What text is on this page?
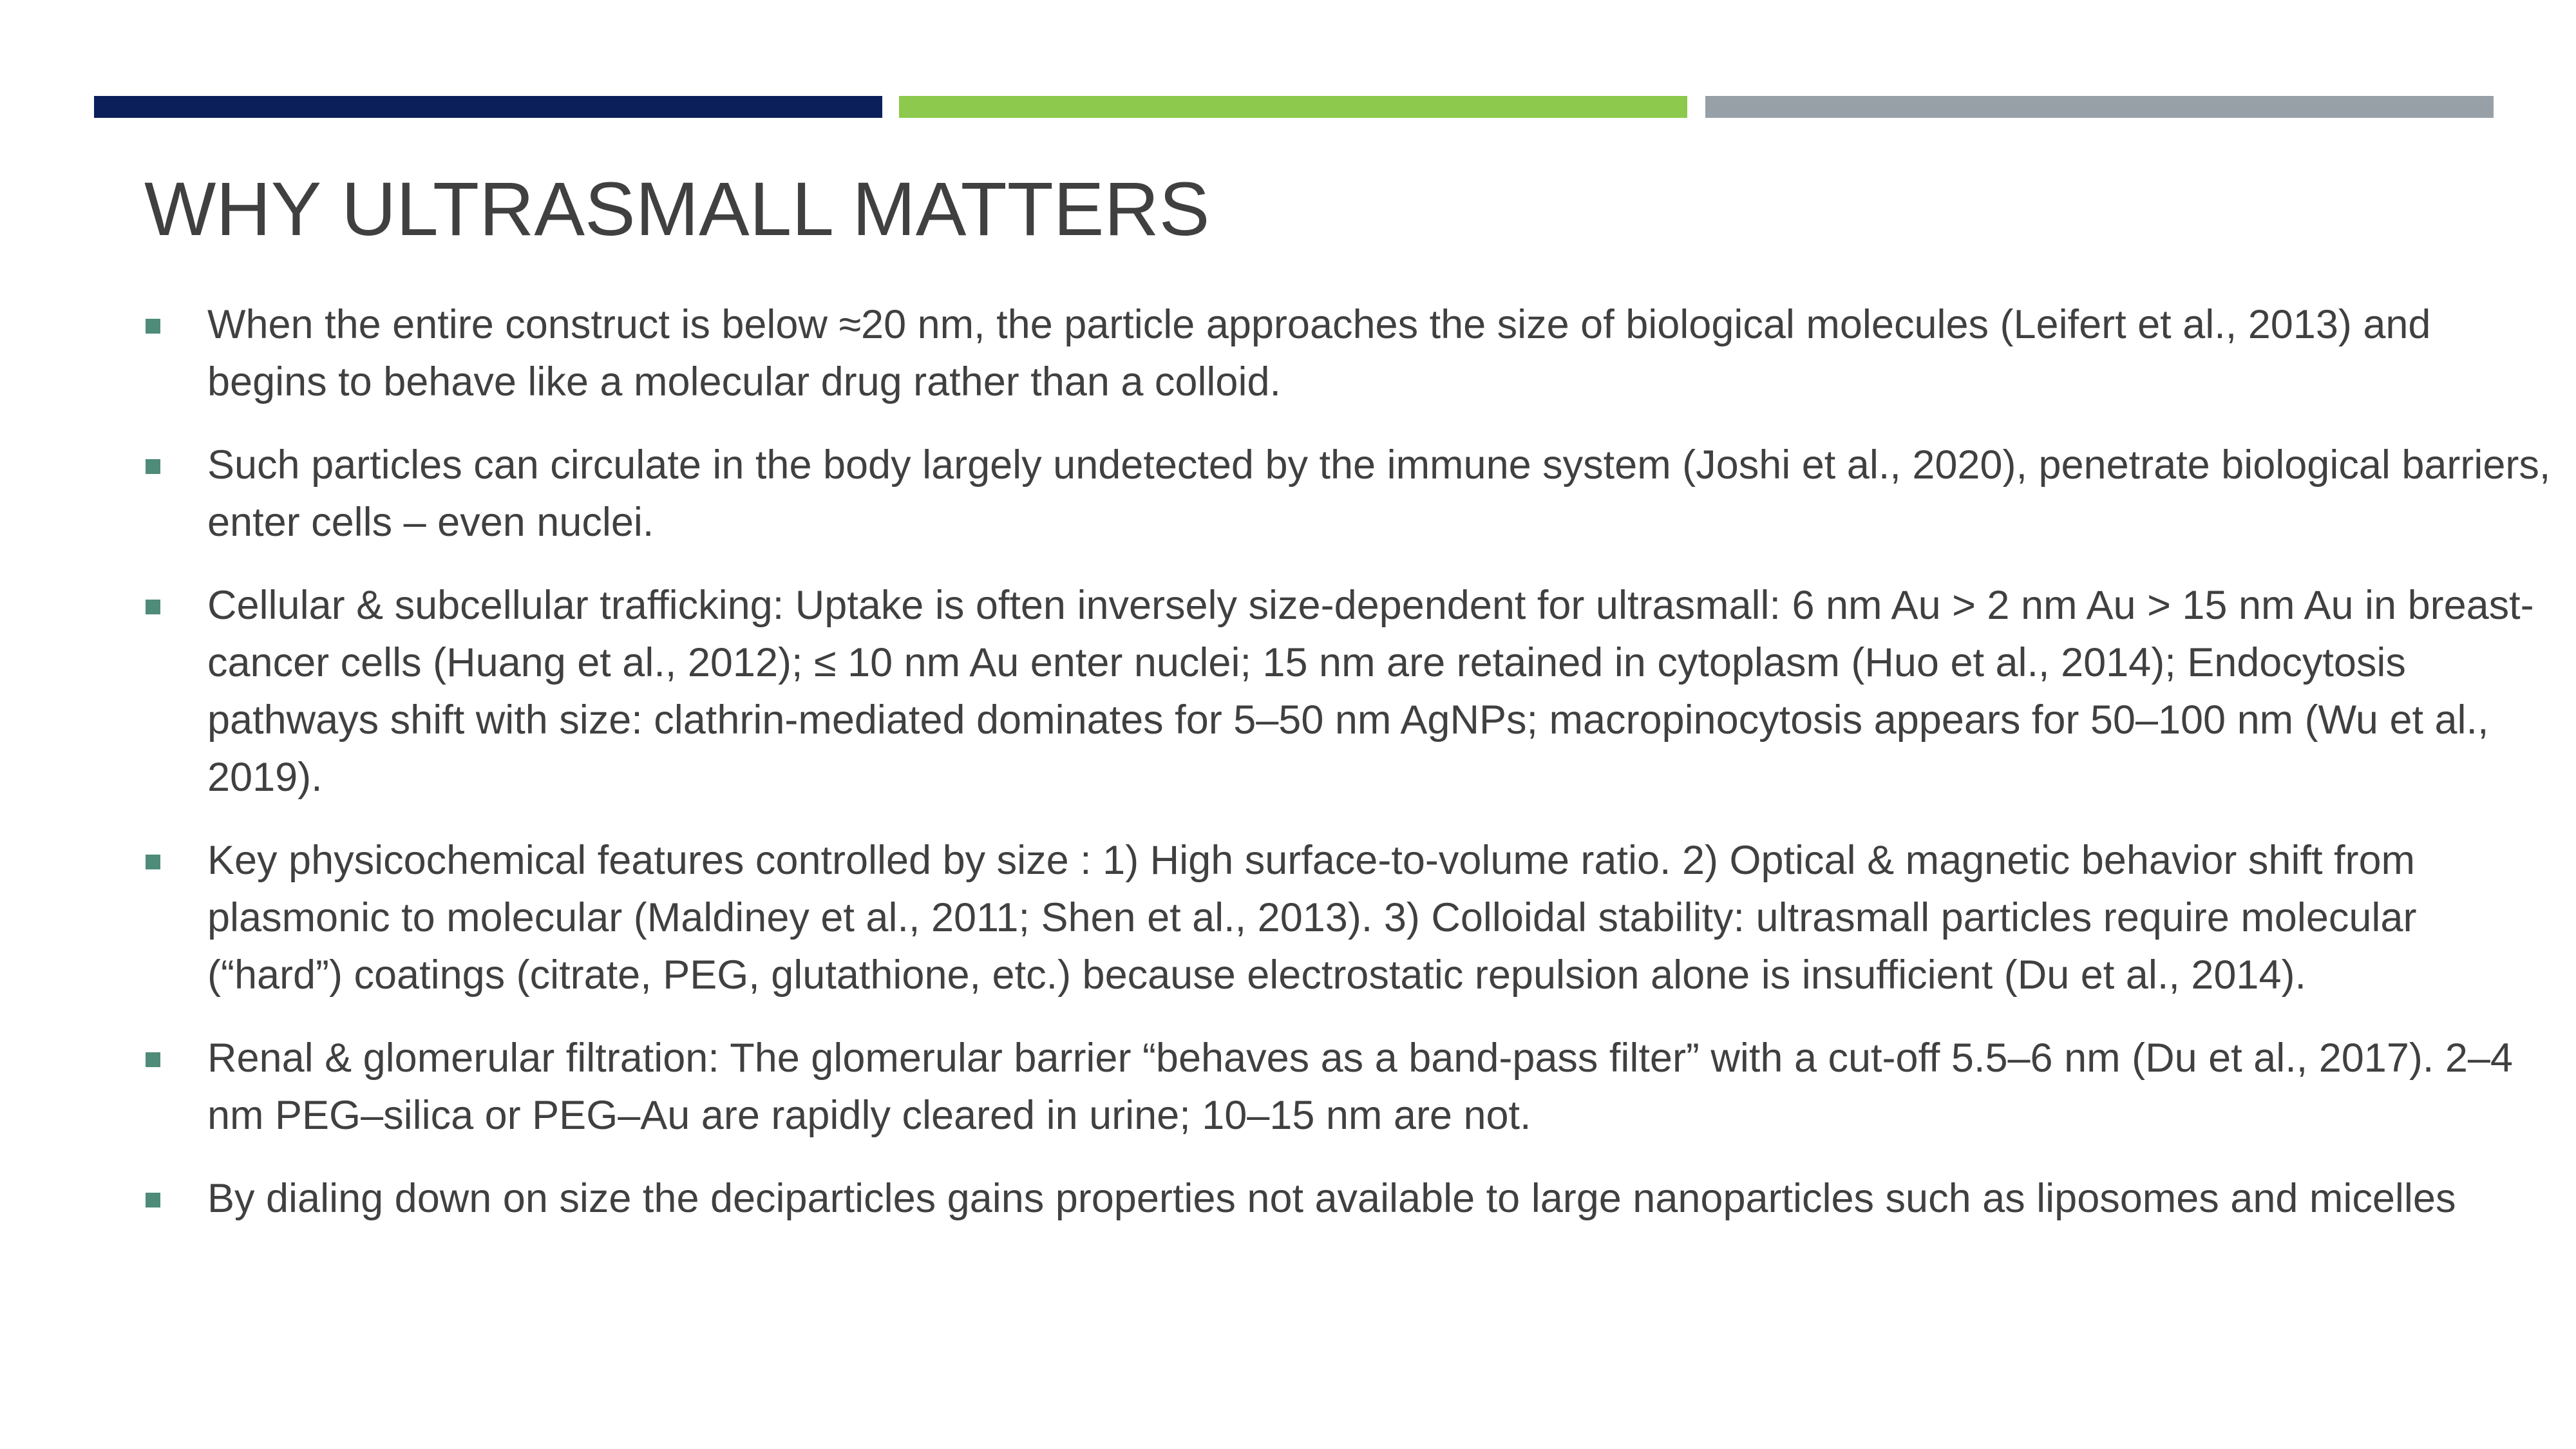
WHY ULTRASMALL MATTERS
When the entire construct is below ≈20 nm, the particle approaches the size of biological molecules (Leifert et al., 2013) and begins to behave like a molecular drug rather than a colloid.
Such particles can circulate in the body largely undetected by the immune system (Joshi et al., 2020), penetrate biological barriers, enter cells – even nuclei.
Cellular & subcellular trafficking: Uptake is often inversely size-dependent for ultrasmall: 6 nm Au > 2 nm Au > 15 nm Au in breast-cancer cells (Huang et al., 2012); ≤ 10 nm Au enter nuclei; 15 nm are retained in cytoplasm (Huo et al., 2014); Endocytosis pathways shift with size: clathrin-mediated dominates for 5–50 nm AgNPs; macropinocytosis appears for 50–100 nm (Wu et al., 2019).
Key physicochemical features controlled by size : 1) High surface-to-volume ratio. 2) Optical & magnetic behavior shift from plasmonic to molecular (Maldiney et al., 2011; Shen et al., 2013). 3) Colloidal stability: ultrasmall particles require molecular (“hard”) coatings (citrate, PEG, glutathione, etc.) because electrostatic repulsion alone is insufficient (Du et al., 2014).
Renal & glomerular filtration: The glomerular barrier “behaves as a band-pass filter” with a cut-off 5.5–6 nm (Du et al., 2017). 2–4 nm PEG–silica or PEG–Au are rapidly cleared in urine; 10–15 nm are not.
By dialing down on size the deciparticles gains properties not available to large nanoparticles such as liposomes and micelles
